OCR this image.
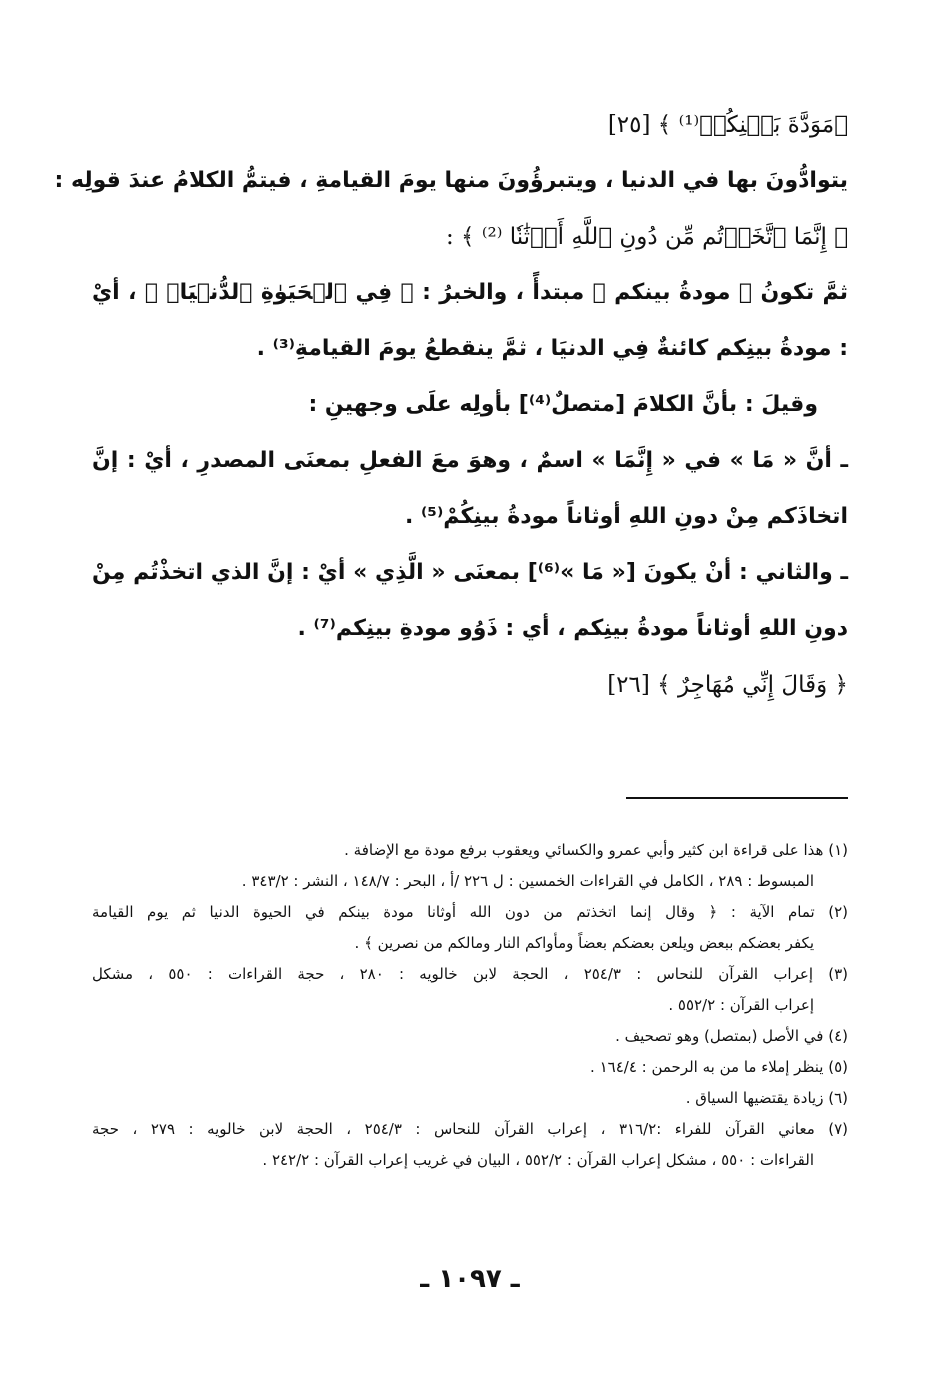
﴿مَوَدَّةَ بَيۡنِكُمۡ⁽¹⁾ ﴾ [٢٥]
يتوادُّونَ بها في الدنيا ، ويتبرؤُونَ منها يومَ القيامةِ ، فيتمُّ الكلامُ عندَ قولِه :
﴿ إِنَّمَا ٱتَّخَذۡتُم مِّن دُونِ ٱللَّهِ أَوۡثَٰنٗا ⁽²⁾ ﴾ :
ثمَّ تكونُ ﴿ مودةُ بينكم ﴾ مبتدأً ، والخبرُ : ﴿ فِي ٱلۡحَيَوٰةِ ٱلدُّنۡيَاۖ ﴾ ، أيْ
: مودةُ بينِكم كائنةٌ فِي الدنيَا ، ثمَّ ينقطعُ يومَ القيامةِ⁽³⁾ .
وقيلَ : بأنَّ الكلامَ [متصلٌ⁽⁴⁾] بأولِه علَى وجهينِ :
ـ أنَّ « مَا » في « إِنَّمَا » اسمٌ ، وهوَ معَ الفعلِ بمعنَى المصدرِ ، أيْ : إنَّ
اتخاذَكم مِنْ دونِ اللهِ أوثاناً مودةُ بينِكُمْ⁽⁵⁾ .
ـ والثاني : أنْ يكونَ [« مَا »⁽⁶⁾] بمعنَى « الَّذِي » أيْ : إنَّ الذي اتخذْتُم مِنْ
دونِ اللهِ أوثاناً مودةُ بينِكم ، أي : ذَوُو مودةِ بينِكم⁽⁷⁾ .
﴿ وَقَالَ إِنِّي مُهَاجِرٌ ﴾ [٢٦]
(١) هذا على قراءة ابن كثير وأبي عمرو والكسائي ويعقوب برفع مودة مع الإضافة .
المبسوط : ٢٨٩ ، الكامل في القراءات الخمسين : ل ٢٢٦ /أ ، البحر : ١٤٨/٧ ، النشر : ٣٤٣/٢ .
(٢) تمام الآية : ﴿ وقال إنما اتخذتم من دون الله أوثانا مودة بينكم في الحيوة الدنيا ثم يوم القيامة
يكفر بعضكم ببعض ويلعن بعضكم بعضاً ومأواكم النار ومالكم من نصرين ﴾ .
(٣) إعراب القرآن للنحاس : ٢٥٤/٣ ، الحجة لابن خالويه : ٢٨٠ ، حجة القراءات : ٥٥٠ ، مشكل
إعراب القرآن : ٥٥٢/٢ .
(٤) في الأصل (بمتصل) وهو تصحيف .
(٥) ينظر إملاء ما من به الرحمن : ١٦٤/٤ .
(٦) زيادة يقتضيها السياق .
(٧) معاني القرآن للفراء :٣١٦/٢ ، إعراب القرآن للنحاس : ٢٥٤/٣ ، الحجة لابن خالويه : ٢٧٩ ، حجة
القراءات : ٥٥٠ ، مشكل إعراب القرآن : ٥٥٢/٢ ، البيان في غريب إعراب القرآن : ٢٤٢/٢ .
ـ ١٠٩٧ ـ
